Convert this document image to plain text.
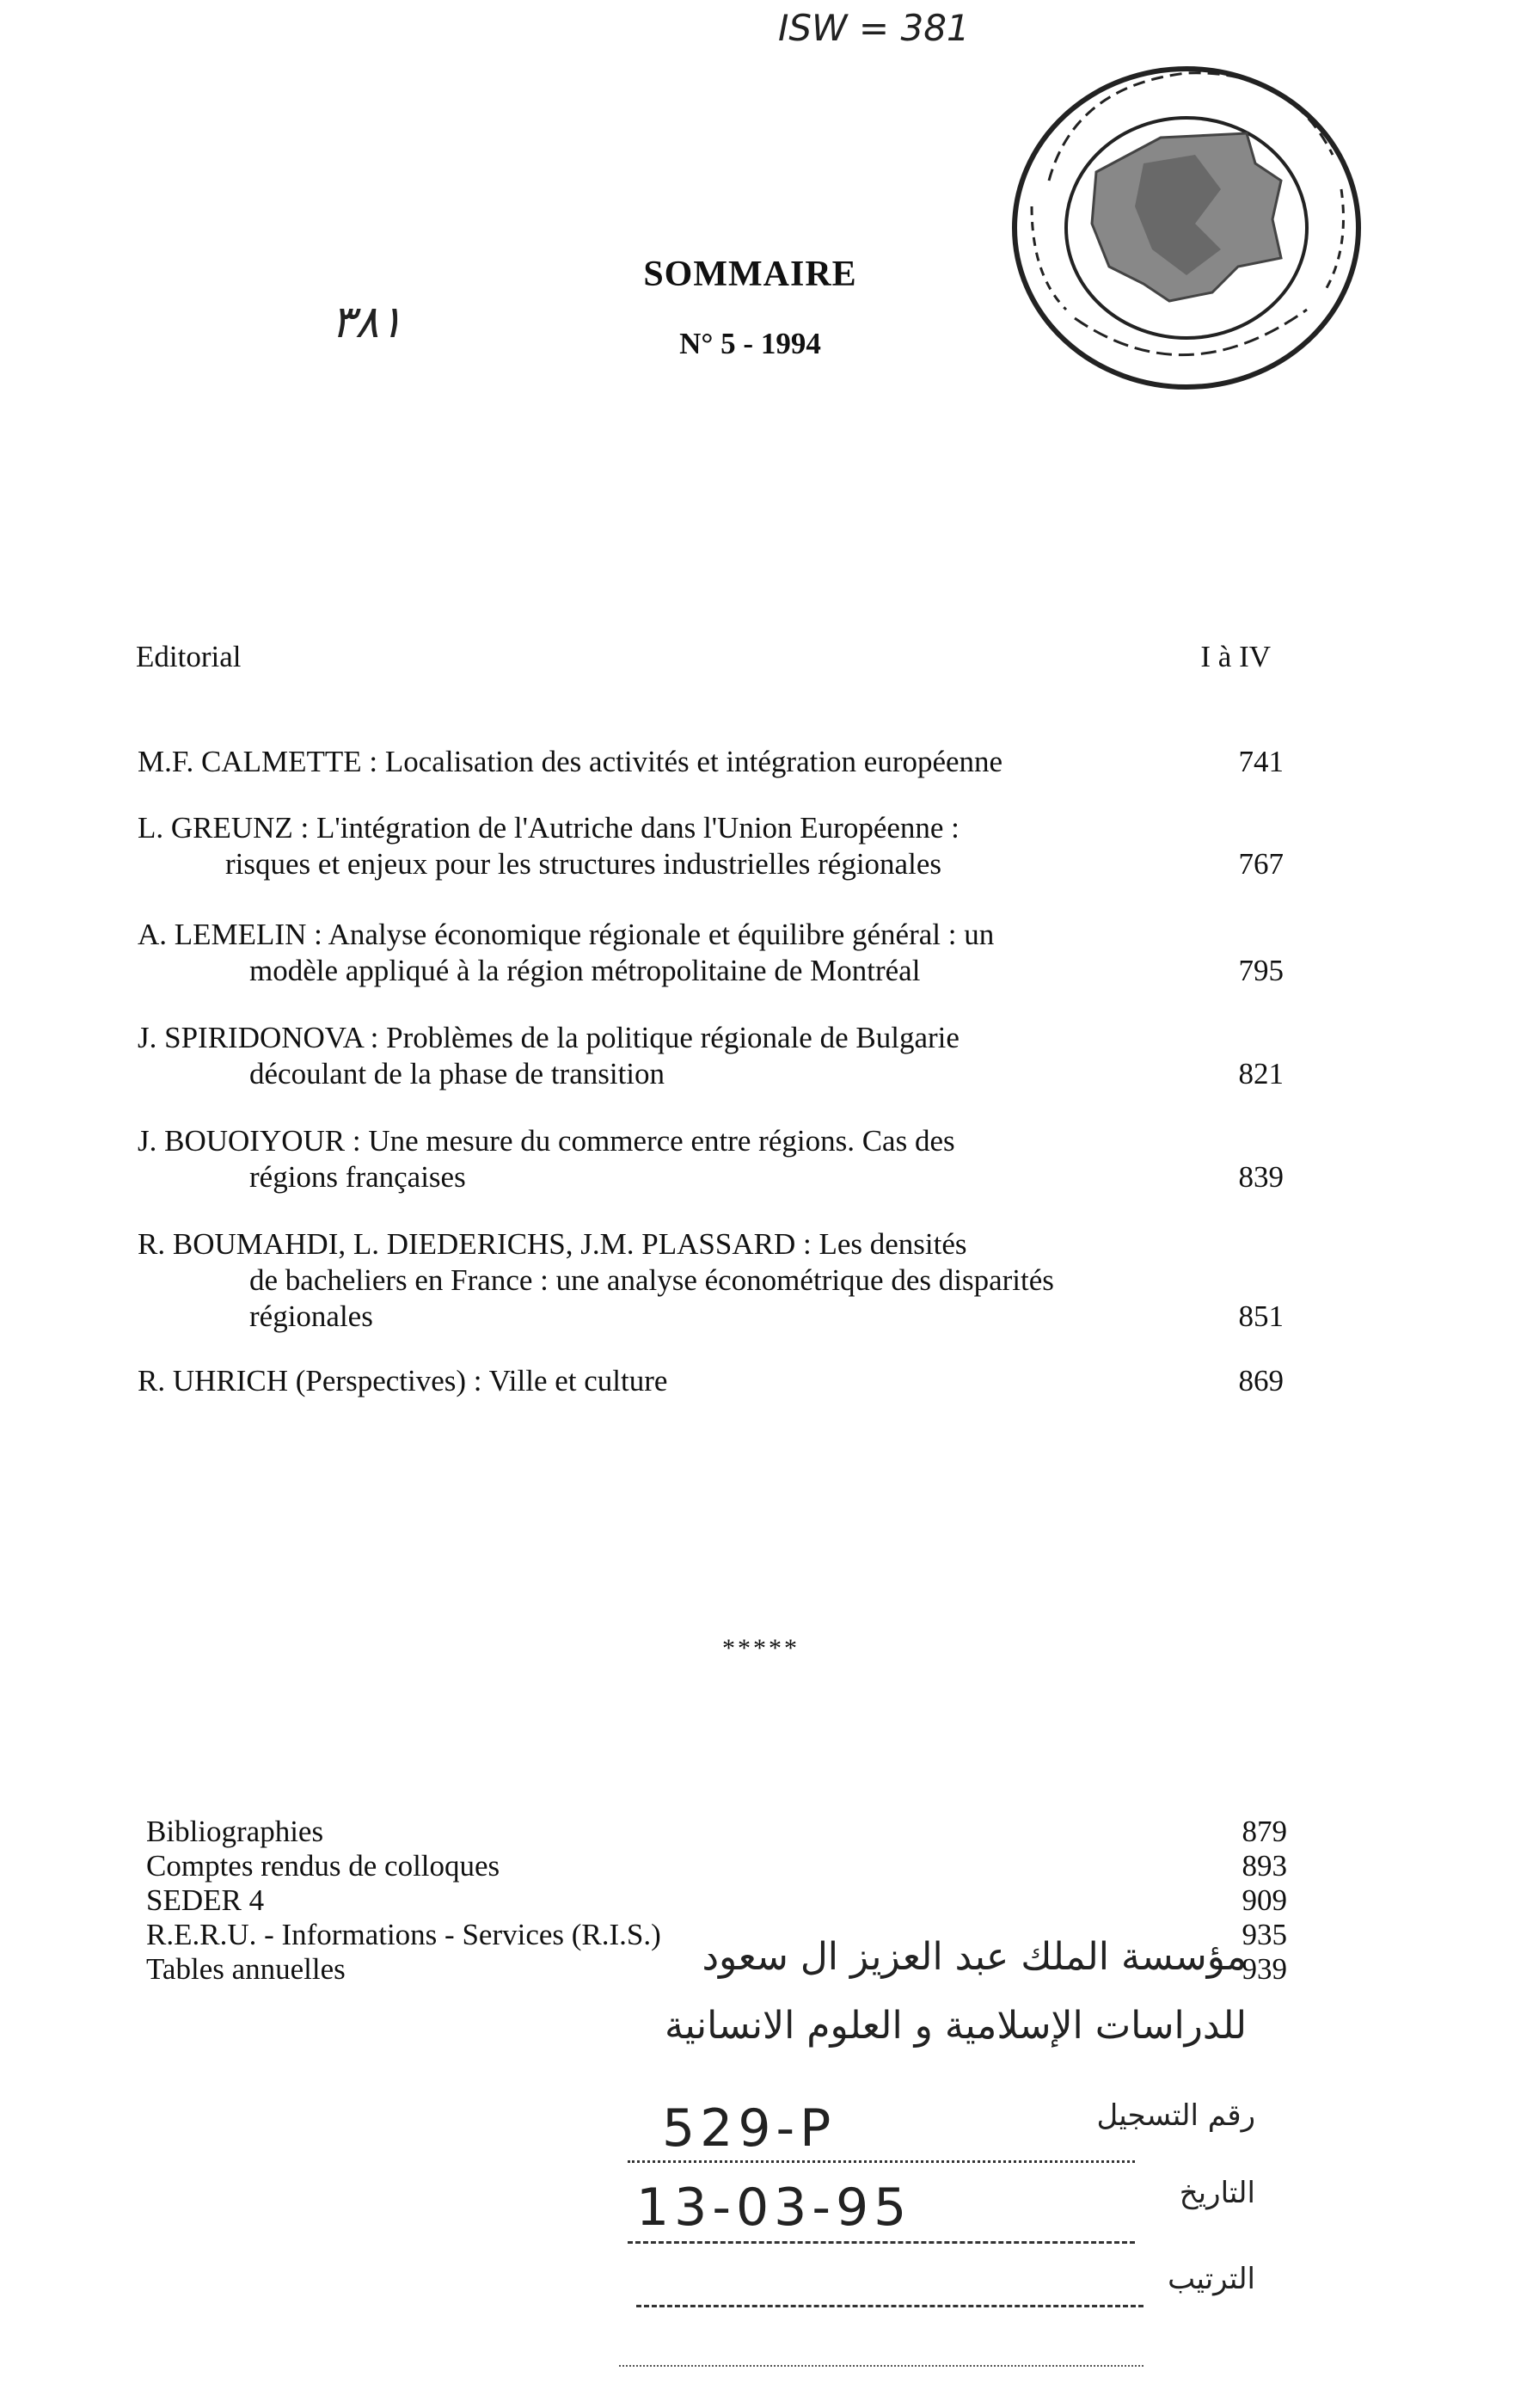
ISW = 381
٣٨١
SOMMAIRE
N° 5 - 1994
Editorial	I à IV
M.F. CALMETTE : Localisation des activités et intégration européenne	741
L. GREUNZ : L'intégration de l'Autriche dans l'Union Européenne :
risques et enjeux pour les structures industrielles régionales	767
A. LEMELIN : Analyse économique régionale et équilibre général : un
modèle appliqué à la région métropolitaine de Montréal	795
J. SPIRIDONOVA : Problèmes de la politique régionale de Bulgarie
découlant de la phase de transition	821
J. BOUOIYOUR : Une mesure du commerce entre régions. Cas des
régions françaises	839
R. BOUMAHDI, L. DIEDERICHS, J.M. PLASSARD : Les densités
de bacheliers en France : une analyse économétrique des disparités
régionales	851
R. UHRICH (Perspectives) : Ville et culture	869
*****
Bibliographies	879
Comptes rendus de colloques	893
SEDER 4	909
R.E.R.U. - Informations - Services (R.I.S.)	935
Tables annuelles	939
مؤسسة الملك عبد العزيز ال سعود
للدراسات الإسلامية و العلوم الانسانية
رقم التسجيل
529-P
التاريخ
13-03-95
الترتيب
